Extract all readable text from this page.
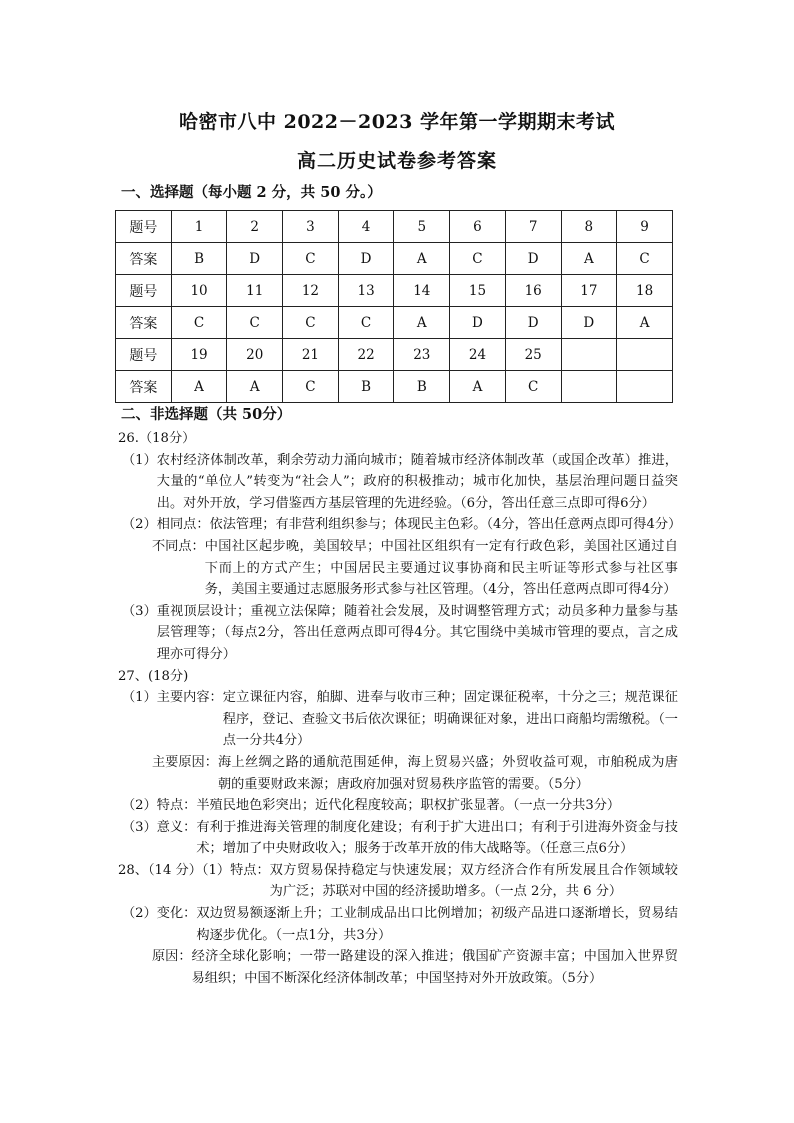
哈密市八中 2022－2023 学年第一学期期末考试
高二历史试卷参考答案
一、选择题（每小题 2 分，共 50 分。）
题号	1	2	3	4	5	6	7	8	9
答案	B	D	C	D	A	C	D	A	C
题号	10	11	12	13	14	15	16	17	18
答案	C	C	C	C	A	D	D	D	A
题号	19	20	21	22	23	24	25		
答案	A	A	C	B	B	A	C		
二、非选择题（共 50分）
26.（18分）
（1） 农村经济体制改革，剩余劳动力涌向城市；随着城市经济体制改革（或国企改革）推进，大量的“单位人”转变为“社会人”；政府的积极推动；城市化加快，基层治理问题日益突出。对外开放，学习借鉴西方基层管理的先进经验。（6分，答出任意三点即可得6分）
（2）相同点： 依法管理；有非营利组织参与；体现民主色彩。（4分，答出任意两点即可得4分）
不同点： 中国社区起步晚，美国较早；中国社区组织有一定有行政色彩，美国社区通过自下而上的方式产生；中国居民主要通过议事协商和民主听证等形式参与社区事务，美国主要通过志愿服务形式参与社区管理。（4分，答出任意两点即可得4分）
（3） 重视顶层设计；重视立法保障；随着社会发展，及时调整管理方式；动员多种力量参与基层管理等；（每点2分，答出任意两点即可得4分。其它围绕中美城市管理的要点，言之成理亦可得分）
27、(18分)
（1）主要内容： 定立课征内容，舶脚、进奉与收市三种；固定课征税率，十分之三；规范课征程序，登记、查验文书后依次课征；明确课征对象，进出口商船均需缴税。（一点一分共4分）
主要原因： 海上丝绸之路的通航范围延伸，海上贸易兴盛；外贸收益可观，市舶税成为唐朝的重要财政来源；唐政府加强对贸易秩序监管的需要。（5分）
（2）特点： 半殖民地色彩突出；近代化程度较高；职权扩张显著。（一点一分共3分）
（3）意义： 有利于推进海关管理的制度化建设；有利于扩大进出口；有利于引进海外资金与技术；增加了中央财政收入；服务于改革开放的伟大战略等。（任意三点6分）
28、（14 分）（1）特点： 双方贸易保持稳定与快速发展；双方经济合作有所发展且合作领域较为广泛；苏联对中国的经济援助增多。（一点 2分，共 6 分）
（2）变化： 双边贸易额逐渐上升；工业制成品出口比例增加；初级产品进口逐渐增长，贸易结构逐步优化。（一点1分，共3分）
原因： 经济全球化影响；一带一路建设的深入推进；俄国矿产资源丰富；中国加入世界贸易组织；中国不断深化经济体制改革；中国坚持对外开放政策。（5分）
